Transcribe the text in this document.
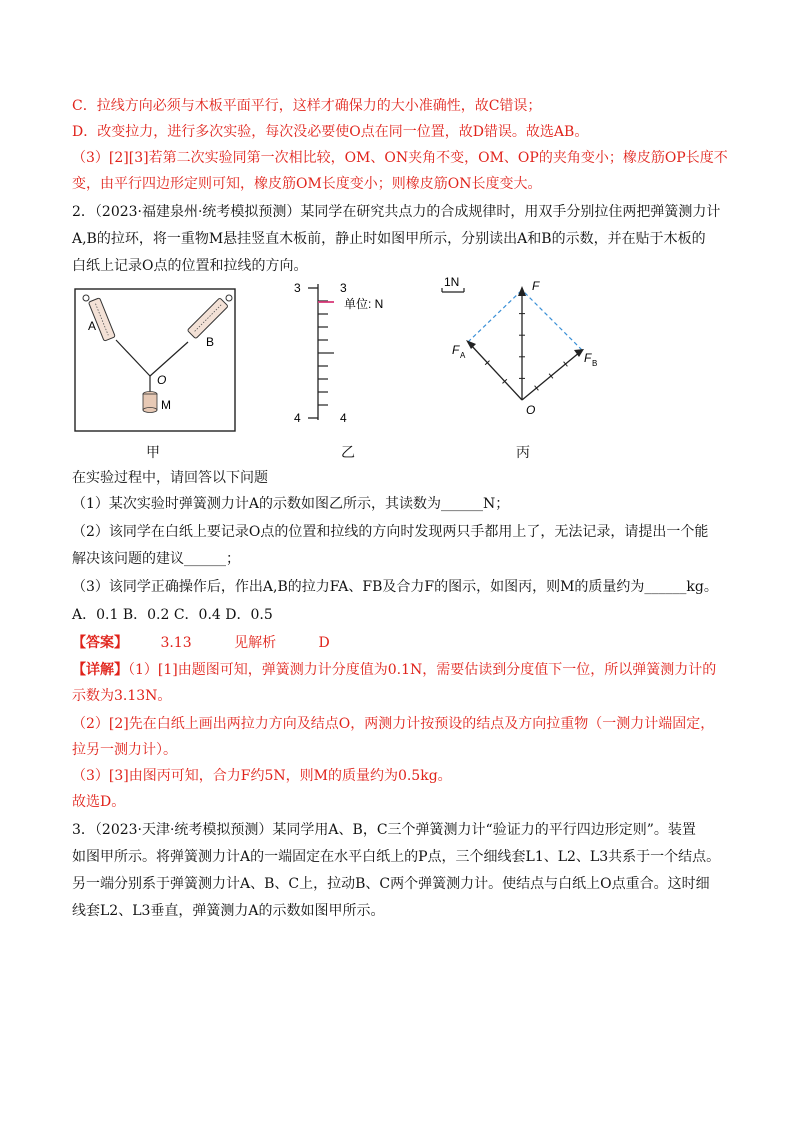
C．拉线方向必须与木板平面平行，这样才确保力的大小准确性，故C错误；
D．改变拉力，进行多次实验，每次没必要使O点在同一位置，故D错误。故选AB。
（3）[2][3]若第二次实验同第一次相比较，OM、ON夹角不变，OM、OP的夹角变小；橡皮筋OP长度不
变，由平行四边形定则可知，橡皮筋OM长度变小；则橡皮筋ON长度变大。
2．（2023·福建泉州·统考模拟预测）某同学在研究共点力的合成规律时，用双手分别拉住两把弹簧测力计
A,B的拉环，将一重物M悬挂竖直木板前，静止时如图甲所示，分别读出A和B的示数，并在贴于木板的
白纸上记录O点的位置和拉线的方向。
A
B
O
M
甲
3	3
4	4
单位: N
乙
1N	F
F A	F B
O
丙
在实验过程中，请回答以下问题
（1）某次实验时弹簧测力计A的示数如图乙所示，其读数为______N；
（2）该同学在白纸上要记录O点的位置和拉线的方向时发现两只手都用上了，无法记录，请提出一个能
解决该问题的建议______；
（3）该同学正确操作后，作出A,B的拉力FA、FB及合力F的图示，如图丙，则M的质量约为______kg。
A．0.1 B．0.2 C．0.4 D．0.5
【答案】 3.13	见解析	D
【详解】（1）[1]由题图可知，弹簧测力计分度值为0.1N，需要估读到分度值下一位，所以弹簧测力计的
示数为3.13N。
（2）[2]先在白纸上画出两拉力方向及结点O，两测力计按预设的结点及方向拉重物（一测力计端固定，
拉另一测力计）。
（3）[3]由图丙可知，合力F约5N，则M的质量约为0.5kg。
故选D。
3．（2023·天津·统考模拟预测）某同学用A、B，C三个弹簧测力计“验证力的平行四边形定则”。装置
如图甲所示。将弹簧测力计A的一端固定在水平白纸上的P点，三个细线套L1、L2、L3共系于一个结点。
另一端分别系于弹簧测力计A、B、C上，拉动B、C两个弹簧测力计。使结点与白纸上O点重合。这时细
线套L2、L3垂直，弹簧测力A的示数如图甲所示。
